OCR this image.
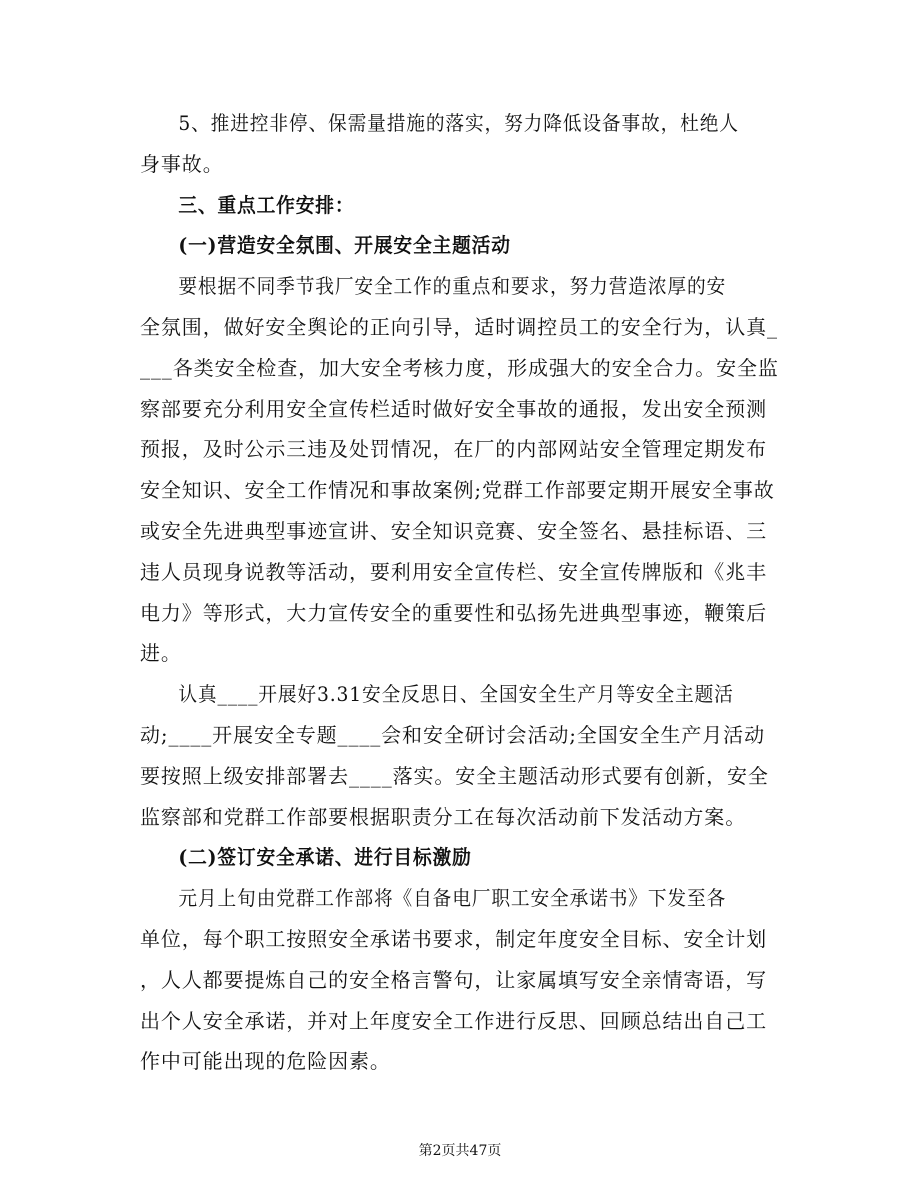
5、推进控非停、保需量措施的落实，努力降低设备事故，杜绝人
身事故。
三、重点工作安排：
(一)营造安全氛围、开展安全主题活动
要根据不同季节我厂安全工作的重点和要求，努力营造浓厚的安
全氛围，做好安全舆论的正向引导，适时调控员工的安全行为，认真_
___各类安全检查，加大安全考核力度，形成强大的安全合力。安全监
察部要充分利用安全宣传栏适时做好安全事故的通报，发出安全预测
预报，及时公示三违及处罚情况，在厂的内部网站安全管理定期发布
安全知识、安全工作情况和事故案例;党群工作部要定期开展安全事故
或安全先进典型事迹宣讲、安全知识竞赛、安全签名、悬挂标语、三
违人员现身说教等活动，要利用安全宣传栏、安全宣传牌版和《兆丰
电力》等形式，大力宣传安全的重要性和弘扬先进典型事迹，鞭策后
进。
认真____开展好3.31安全反思日、全国安全生产月等安全主题活
动;____开展安全专题____会和安全研讨会活动;全国安全生产月活动
要按照上级安排部署去____落实。安全主题活动形式要有创新，安全
监察部和党群工作部要根据职责分工在每次活动前下发活动方案。
(二)签订安全承诺、进行目标激励
元月上旬由党群工作部将《自备电厂职工安全承诺书》下发至各
单位，每个职工按照安全承诺书要求，制定年度安全目标、安全计划
，人人都要提炼自己的安全格言警句，让家属填写安全亲情寄语，写
出个人安全承诺，并对上年度安全工作进行反思、回顾总结出自己工
作中可能出现的危险因素。
第2页共47页
